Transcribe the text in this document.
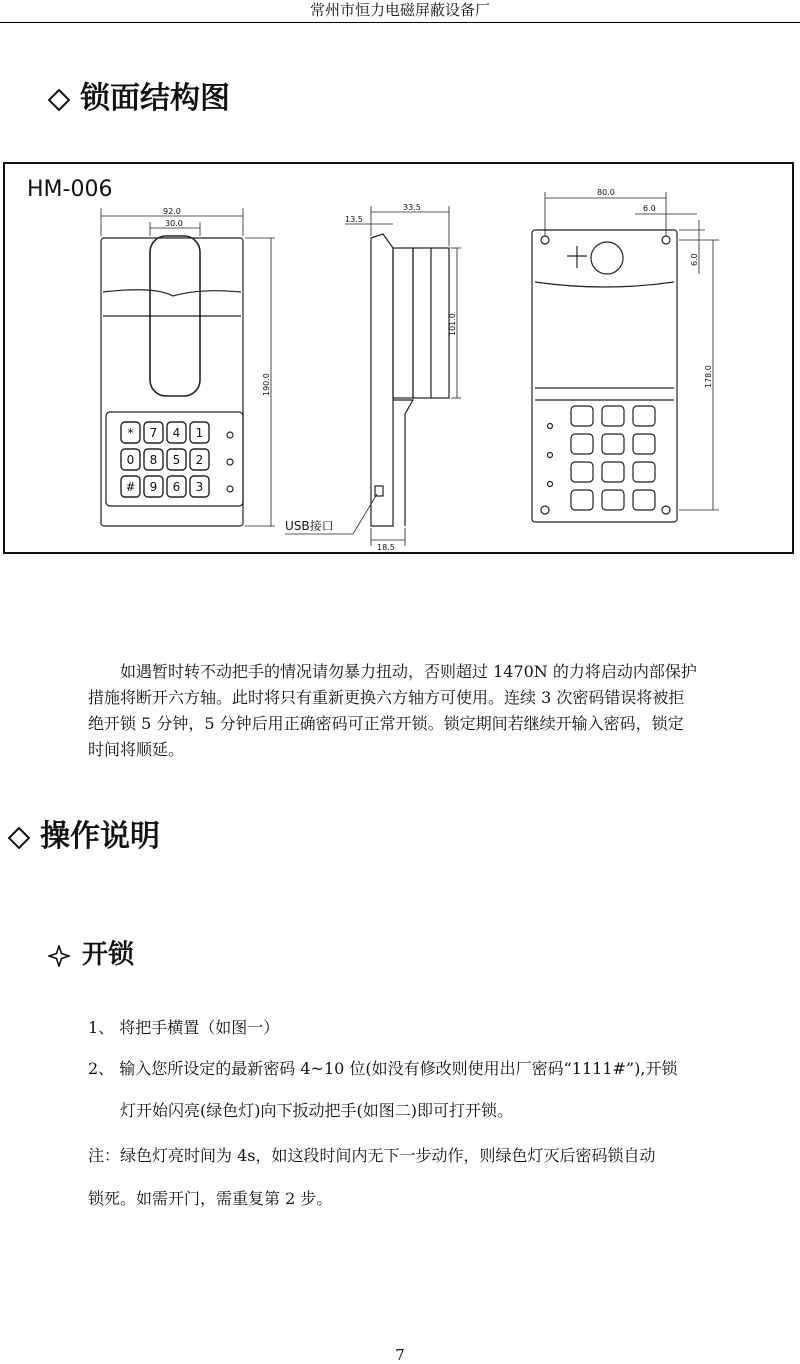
常州市恒力电磁屏蔽设备厂
锁面结构图
HM-006
92.0
30.0
190.0
* 7 4 1
0 8 5 2
# 9 6 3
33.5
13.5
101.0
18.5
USB接口
80.0
6.0
6.0
178.0
如遇暂时转不动把手的情况请勿暴力扭动，否则超过 1470N 的力将启动内部保护
措施将断开六方轴。此时将只有重新更换六方轴方可使用。连续 3 次密码错误将被拒
绝开锁 5 分钟，5 分钟后用正确密码可正常开锁。锁定期间若继续开输入密码，锁定
时间将顺延。
操作说明
开锁
1、 将把手横置（如图一）
2、 输入您所设定的最新密码 4~10 位(如没有修改则使用出厂密码“1111#”),开锁
灯开始闪亮(绿色灯)向下扳动把手(如图二)即可打开锁。
注：绿色灯亮时间为 4s，如这段时间内无下一步动作，则绿色灯灭后密码锁自动
锁死。如需开门，需重复第 2 步。
7
